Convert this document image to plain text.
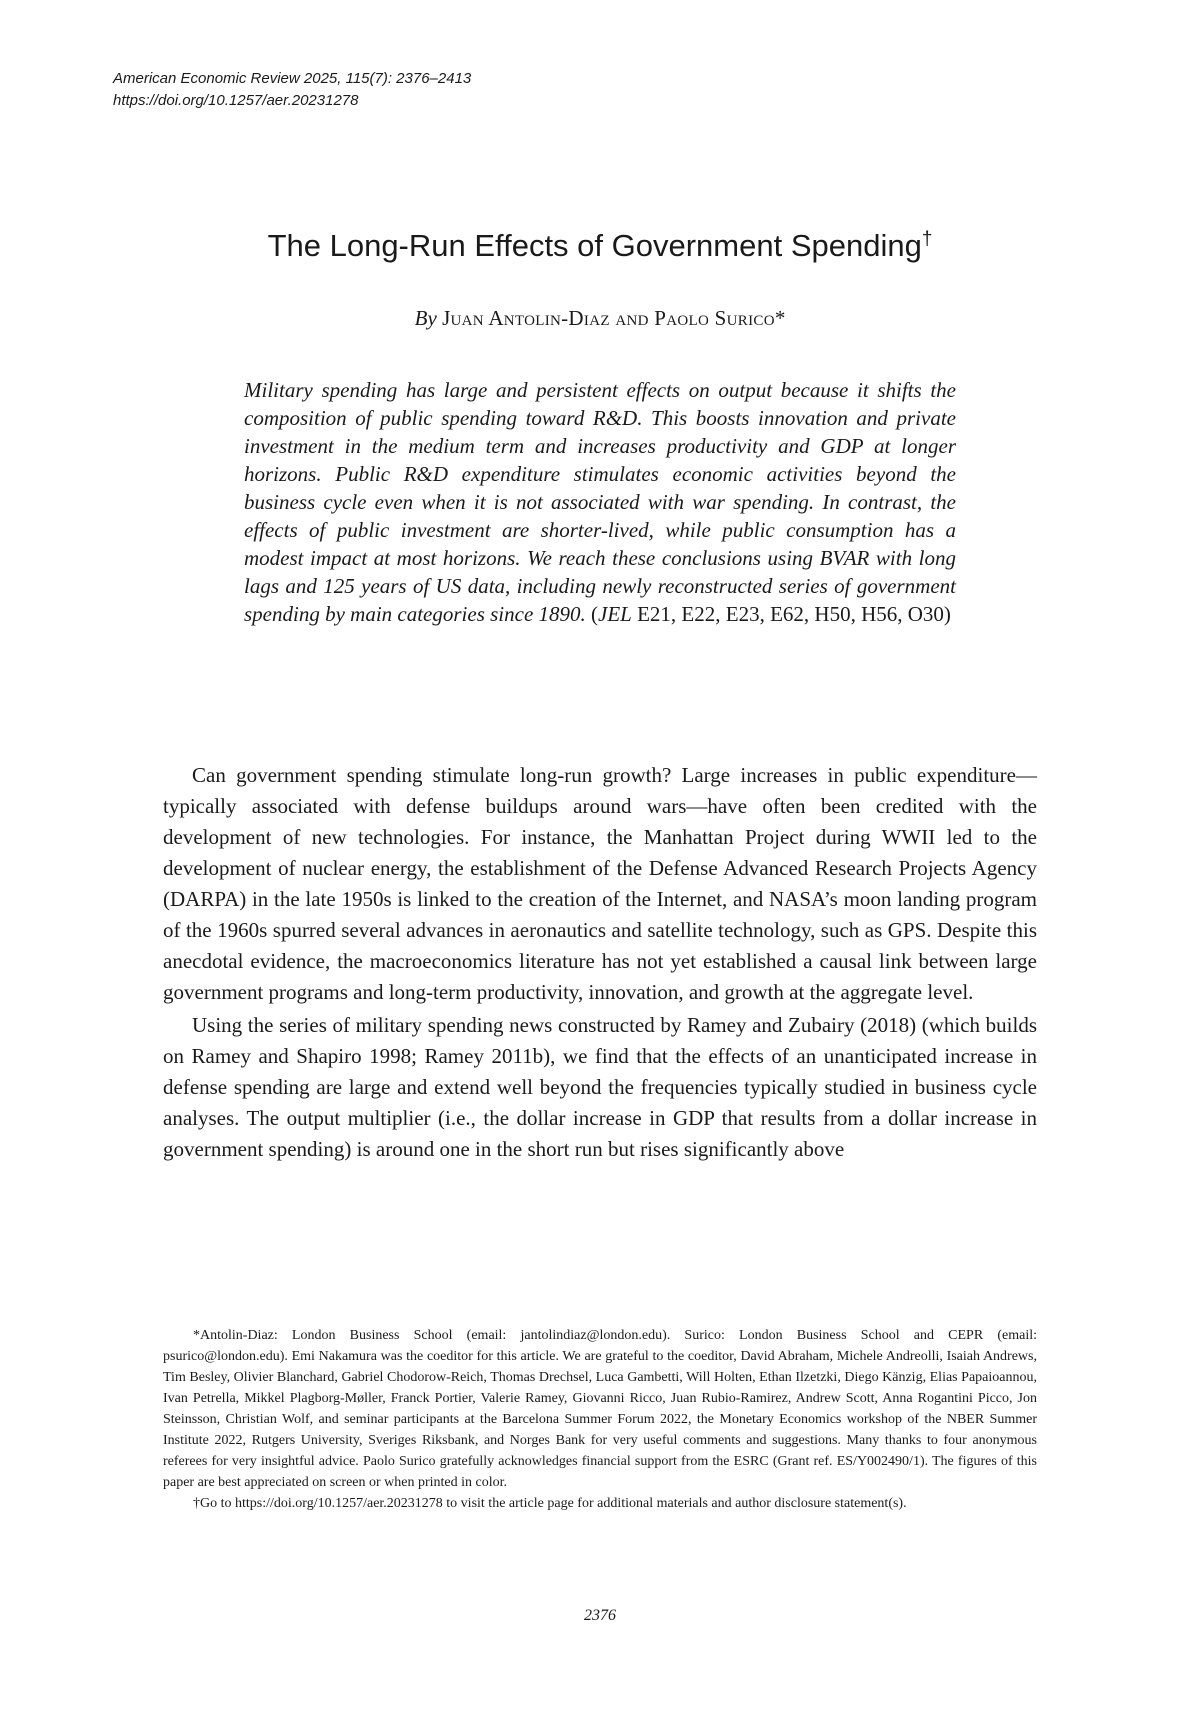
American Economic Review 2025, 115(7): 2376–2413
https://doi.org/10.1257/aer.20231278
The Long-Run Effects of Government Spending†
By Juan Antolin-Diaz and Paolo Surico*
Military spending has large and persistent effects on output because it shifts the composition of public spending toward R&D. This boosts innovation and private investment in the medium term and increases productivity and GDP at longer horizons. Public R&D expenditure stimulates economic activities beyond the business cycle even when it is not associated with war spending. In contrast, the effects of public investment are shorter-lived, while public consumption has a modest impact at most horizons. We reach these conclusions using BVAR with long lags and 125 years of US data, including newly reconstructed series of government spending by main categories since 1890. (JEL E21, E22, E23, E62, H50, H56, O30)

Can government spending stimulate long-run growth? Large increases in public expenditure—typically associated with defense buildups around wars—have often been credited with the development of new technologies. For instance, the Manhattan Project during WWII led to the development of nuclear energy, the establishment of the Defense Advanced Research Projects Agency (DARPA) in the late 1950s is linked to the creation of the Internet, and NASA’s moon landing program of the 1960s spurred several advances in aeronautics and satellite technology, such as GPS. Despite this anecdotal evidence, the macroeconomics literature has not yet established a causal link between large government programs and long-term productivity, innovation, and growth at the aggregate level.

Using the series of military spending news constructed by Ramey and Zubairy (2018) (which builds on Ramey and Shapiro 1998; Ramey 2011b), we find that the effects of an unanticipated increase in defense spending are large and extend well beyond the frequencies typically studied in business cycle analyses. The output multiplier (i.e., the dollar increase in GDP that results from a dollar increase in government spending) is around one in the short run but rises significantly above

*Antolin-Diaz: London Business School (email: jantolindiaz@london.edu). Surico: London Business School and CEPR (email: psurico@london.edu). Emi Nakamura was the coeditor for this article. We are grateful to the coeditor, David Abraham, Michele Andreolli, Isaiah Andrews, Tim Besley, Olivier Blanchard, Gabriel Chodorow-Reich, Thomas Drechsel, Luca Gambetti, Will Holten, Ethan Ilzetzki, Diego Känzig, Elias Papaioannou, Ivan Petrella, Mikkel Plagborg-Møller, Franck Portier, Valerie Ramey, Giovanni Ricco, Juan Rubio-Ramirez, Andrew Scott, Anna Rogantini Picco, Jon Steinsson, Christian Wolf, and seminar participants at the Barcelona Summer Forum 2022, the Monetary Economics workshop of the NBER Summer Institute 2022, Rutgers University, Sveriges Riksbank, and Norges Bank for very useful comments and suggestions. Many thanks to four anonymous referees for very insightful advice. Paolo Surico gratefully acknowledges financial support from the ESRC (Grant ref. ES/Y002490/1). The figures of this paper are best appreciated on screen or when printed in color.

†Go to https://doi.org/10.1257/aer.20231278 to visit the article page for additional materials and author disclosure statement(s).

2376
